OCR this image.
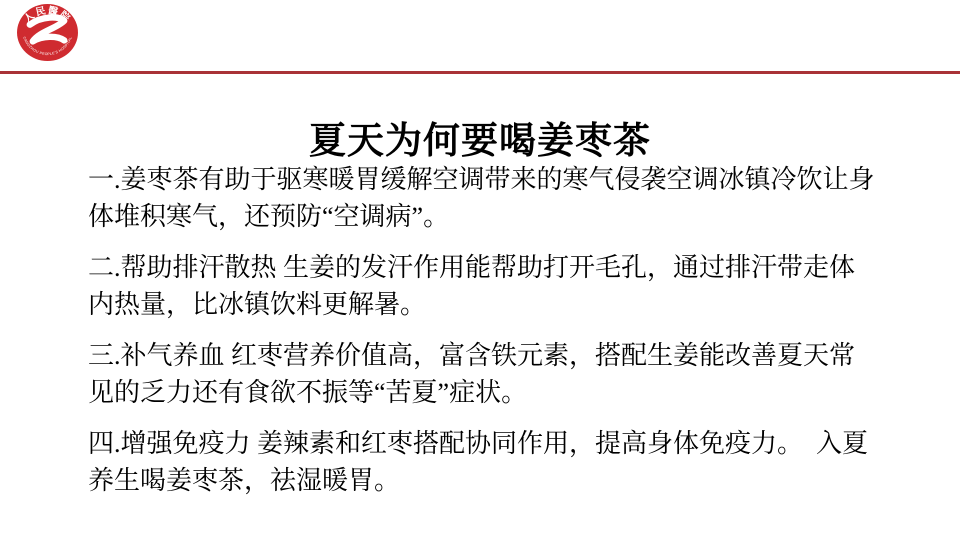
人民醫院
CANGZHOU PEOPLE'S HOSPITAL
夏天为何要喝姜枣茶

一.姜枣茶有助于驱寒暖胃缓解空调带来的寒气侵袭空调冰镇冷饮让身体堆积寒气，还预防“空调病”。

二.帮助排汗散热 生姜的发汗作用能帮助打开毛孔，通过排汗带走体内热量，比冰镇饮料更解暑。

三.补气养血 红枣营养价值高，富含铁元素，搭配生姜能改善夏天常见的乏力还有食欲不振等“苦夏”症状。

四.增强免疫力 姜辣素和红枣搭配协同作用，提高身体免疫力。　入夏养生喝姜枣茶，祛湿暖胃。
